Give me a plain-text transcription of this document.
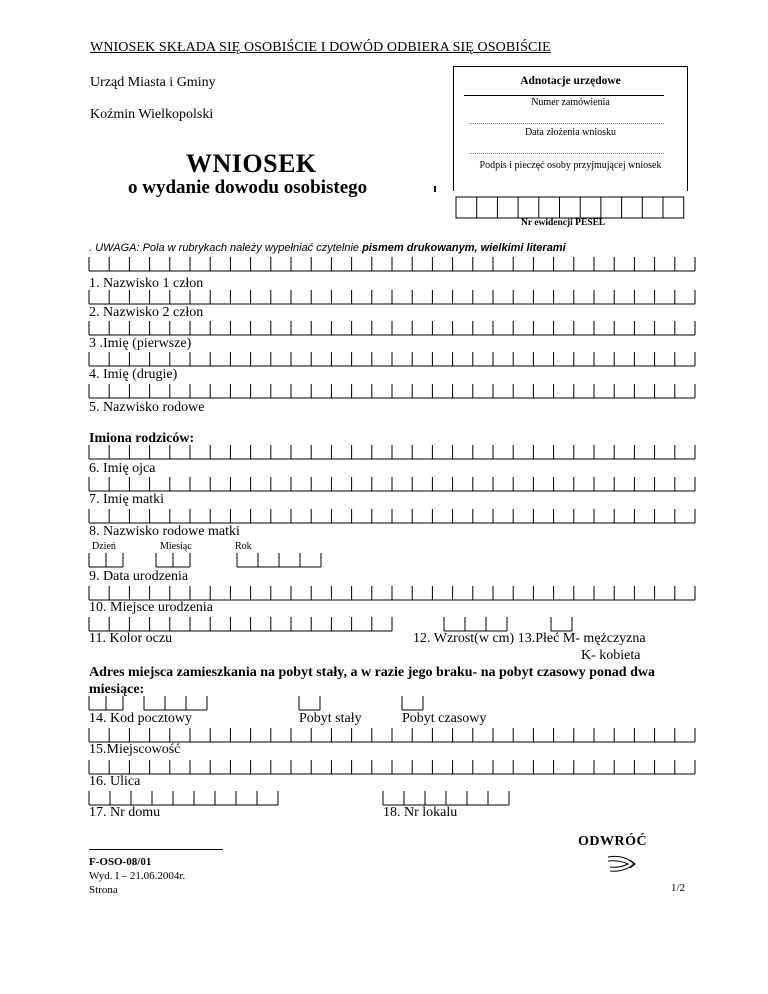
WNIOSEK SKŁADA SIĘ OSOBIŚCIE I DOWÓD ODBIERA SIĘ OSOBIŚCIE
Urząd Miasta i Gminy
Koźmin Wielkopolski
WNIOSEK
o wydanie dowodu osobistego
Adnotacje urzędowe
Numer zamówienia
Data złożenia wniosku
Podpis i pieczęć osoby przyjmującej wniosek
Nr ewidencji PESEL
. UWAGA: Pola w rubrykach należy wypełniać czytelnie pismem drukowanym, wielkimi literami
1. Nazwisko 1 człon
2. Nazwisko 2 człon
3 .Imię (pierwsze)
4. Imię (drugie)
5. Nazwisko rodowe
Imiona rodziców:
6. Imię ojca
7. Imię matki
8. Nazwisko rodowe matki
Dzień	Miesiąc	Rok
9. Data urodzenia
10. Miejsce urodzenia
11. Kolor oczu	12. Wzrost(w cm) 13.Płeć M- mężczyzna
K- kobieta
Adres miejsca zamieszkania na pobyt stały, a w razie jego braku- na pobyt czasowy ponad dwa miesiące:
14. Kod pocztowy	Pobyt stały	Pobyt czasowy
15.Miejscowość
16. Ulica
17. Nr domu	18. Nr lokalu
ODWRÓĆ
F-OSO-08/01
Wyd. I – 21.06.2004r.
Strona	1/2
